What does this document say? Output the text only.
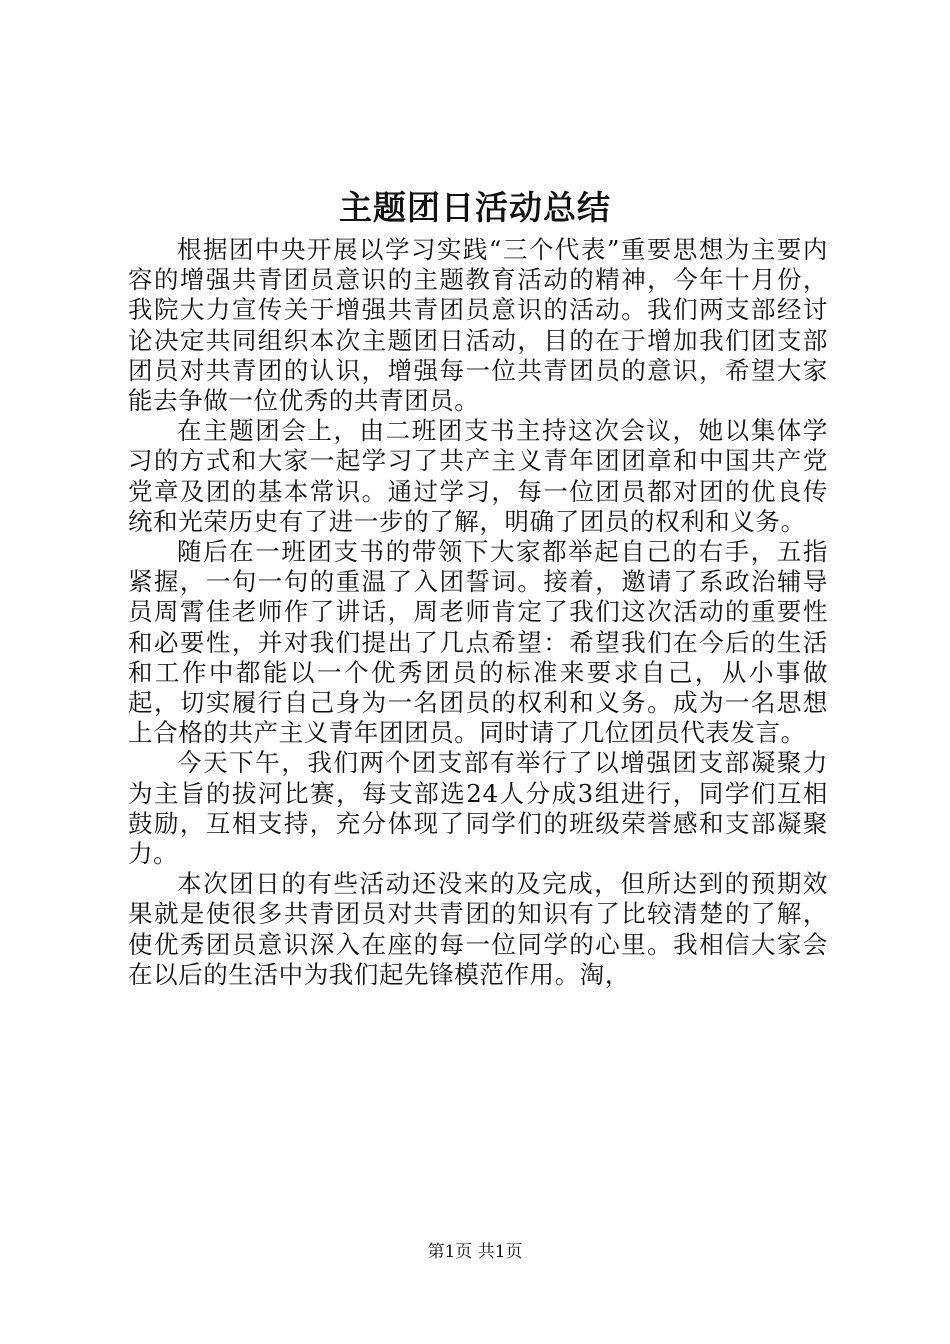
主题团日活动总结

根据团中央开展以学习实践“三个代表”重要思想为主要内容的增强共青团员意识的主题教育活动的精神，今年十月份，我院大力宣传关于增强共青团员意识的活动。我们两支部经讨论决定共同组织本次主题团日活动，目的在于增加我们团支部团员对共青团的认识，增强每一位共青团员的意识，希望大家能去争做一位优秀的共青团员。

在主题团会上，由二班团支书主持这次会议，她以集体学习的方式和大家一起学习了共产主义青年团团章和中国共产党党章及团的基本常识。通过学习，每一位团员都对团的优良传统和光荣历史有了进一步的了解，明确了团员的权利和义务。

随后在一班团支书的带领下大家都举起自己的右手，五指紧握，一句一句的重温了入团誓词。接着，邀请了系政治辅导员周霄佳老师作了讲话，周老师肯定了我们这次活动的重要性和必要性，并对我们提出了几点希望：希望我们在今后的生活和工作中都能以一个优秀团员的标准来要求自己，从小事做起，切实履行自己身为一名团员的权利和义务。成为一名思想上合格的共产主义青年团团员。同时请了几位团员代表发言。

今天下午，我们两个团支部有举行了以增强团支部凝聚力为主旨的拔河比赛，每支部选24人分成3组进行，同学们互相鼓励，互相支持，充分体现了同学们的班级荣誉感和支部凝聚力。

本次团日的有些活动还没来的及完成，但所达到的预期效果就是使很多共青团员对共青团的知识有了比较清楚的了解，使优秀团员意识深入在座的每一位同学的心里。我相信大家会在以后的生活中为我们起先锋模范作用。淘，

第1页 共1页
